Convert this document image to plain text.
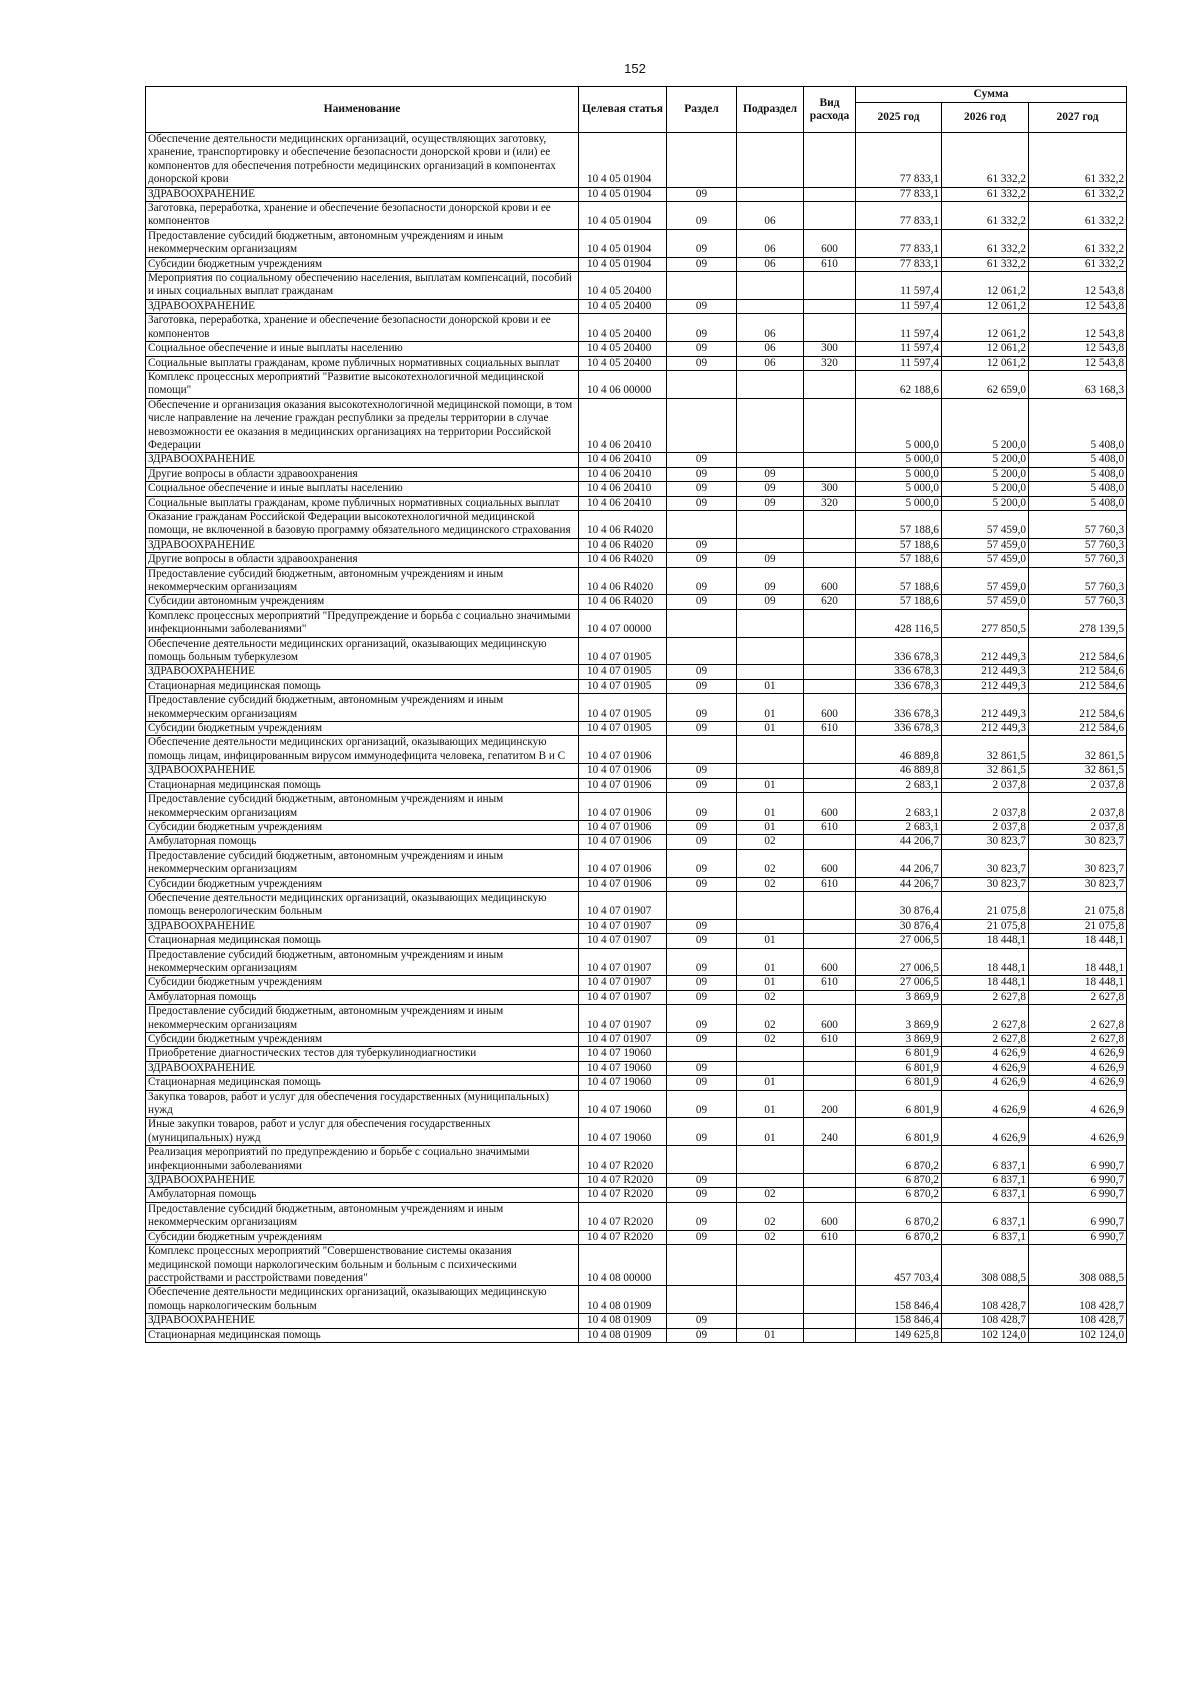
152
Наименование	Целевая статья	Раздел	Подраздел	Вид расхода	Сумма		
					2025 год	2026 год	2027 год
Обеспечение деятельности медицинских организаций, осуществляющих заготовку, хранение, транспортировку и обеспечение безопасности донорской крови и (или) ее компонентов для обеспечения потребности медицинских организаций в компонентах донорской крови	10 4 05 01904				77 833,1	61 332,2	61 332,2
ЗДРАВООХРАНЕНИЕ	10 4 05 01904	09			77 833,1	61 332,2	61 332,2
Заготовка, переработка, хранение и обеспечение безопасности донорской крови и ее компонентов	10 4 05 01904	09	06		77 833,1	61 332,2	61 332,2
Предоставление субсидий бюджетным, автономным учреждениям и иным некоммерческим организациям	10 4 05 01904	09	06	600	77 833,1	61 332,2	61 332,2
Субсидии бюджетным учреждениям	10 4 05 01904	09	06	610	77 833,1	61 332,2	61 332,2
Мероприятия по социальному обеспечению населения, выплатам компенсаций, пособий и иных социальных выплат гражданам	10 4 05 20400				11 597,4	12 061,2	12 543,8
ЗДРАВООХРАНЕНИЕ	10 4 05 20400	09			11 597,4	12 061,2	12 543,8
Заготовка, переработка, хранение и обеспечение безопасности донорской крови и ее компонентов	10 4 05 20400	09	06		11 597,4	12 061,2	12 543,8
Социальное обеспечение и иные выплаты населению	10 4 05 20400	09	06	300	11 597,4	12 061,2	12 543,8
Социальные выплаты гражданам, кроме публичных нормативных социальных выплат	10 4 05 20400	09	06	320	11 597,4	12 061,2	12 543,8
Комплекс процессных мероприятий "Развитие высокотехнологичной медицинской помощи"	10 4 06 00000				62 188,6	62 659,0	63 168,3
Обеспечение и организация оказания высокотехнологичной медицинской помощи, в том числе направление на лечение граждан республики за пределы территории в случае невозможности ее оказания в медицинских организациях на территории Российской Федерации	10 4 06 20410				5 000,0	5 200,0	5 408,0
ЗДРАВООХРАНЕНИЕ	10 4 06 20410	09			5 000,0	5 200,0	5 408,0
Другие вопросы в области здравоохранения	10 4 06 20410	09	09		5 000,0	5 200,0	5 408,0
Социальное обеспечение и иные выплаты населению	10 4 06 20410	09	09	300	5 000,0	5 200,0	5 408,0
Социальные выплаты гражданам, кроме публичных нормативных социальных выплат	10 4 06 20410	09	09	320	5 000,0	5 200,0	5 408,0
Оказание гражданам Российской Федерации высокотехнологичной медицинской помощи, не включенной в базовую программу обязательного медицинского страхования	10 4 06 R4020				57 188,6	57 459,0	57 760,3
ЗДРАВООХРАНЕНИЕ	10 4 06 R4020	09			57 188,6	57 459,0	57 760,3
Другие вопросы в области здравоохранения	10 4 06 R4020	09	09		57 188,6	57 459,0	57 760,3
Предоставление субсидий бюджетным, автономным учреждениям и иным некоммерческим организациям	10 4 06 R4020	09	09	600	57 188,6	57 459,0	57 760,3
Субсидии автономным учреждениям	10 4 06 R4020	09	09	620	57 188,6	57 459,0	57 760,3
Комплекс процессных мероприятий "Предупреждение и борьба с социально значимыми инфекционными заболеваниями"	10 4 07 00000				428 116,5	277 850,5	278 139,5
Обеспечение деятельности медицинских организаций, оказывающих медицинскую помощь больным туберкулезом	10 4 07 01905				336 678,3	212 449,3	212 584,6
ЗДРАВООХРАНЕНИЕ	10 4 07 01905	09			336 678,3	212 449,3	212 584,6
Стационарная медицинская помощь	10 4 07 01905	09	01		336 678,3	212 449,3	212 584,6
Предоставление субсидий бюджетным, автономным учреждениям и иным некоммерческим организациям	10 4 07 01905	09	01	600	336 678,3	212 449,3	212 584,6
Субсидии бюджетным учреждениям	10 4 07 01905	09	01	610	336 678,3	212 449,3	212 584,6
Обеспечение деятельности медицинских организаций, оказывающих медицинскую помощь лицам, инфицированным вирусом иммунодефицита человека, гепатитом В и С	10 4 07 01906				46 889,8	32 861,5	32 861,5
ЗДРАВООХРАНЕНИЕ	10 4 07 01906	09			46 889,8	32 861,5	32 861,5
Стационарная медицинская помощь	10 4 07 01906	09	01		2 683,1	2 037,8	2 037,8
Предоставление субсидий бюджетным, автономным учреждениям и иным некоммерческим организациям	10 4 07 01906	09	01	600	2 683,1	2 037,8	2 037,8
Субсидии бюджетным учреждениям	10 4 07 01906	09	01	610	2 683,1	2 037,8	2 037,8
Амбулаторная помощь	10 4 07 01906	09	02		44 206,7	30 823,7	30 823,7
Предоставление субсидий бюджетным, автономным учреждениям и иным некоммерческим организациям	10 4 07 01906	09	02	600	44 206,7	30 823,7	30 823,7
Субсидии бюджетным учреждениям	10 4 07 01906	09	02	610	44 206,7	30 823,7	30 823,7
Обеспечение деятельности медицинских организаций, оказывающих медицинскую помощь венерологическим больным	10 4 07 01907				30 876,4	21 075,8	21 075,8
ЗДРАВООХРАНЕНИЕ	10 4 07 01907	09			30 876,4	21 075,8	21 075,8
Стационарная медицинская помощь	10 4 07 01907	09	01		27 006,5	18 448,1	18 448,1
Предоставление субсидий бюджетным, автономным учреждениям и иным некоммерческим организациям	10 4 07 01907	09	01	600	27 006,5	18 448,1	18 448,1
Субсидии бюджетным учреждениям	10 4 07 01907	09	01	610	27 006,5	18 448,1	18 448,1
Амбулаторная помощь	10 4 07 01907	09	02		3 869,9	2 627,8	2 627,8
Предоставление субсидий бюджетным, автономным учреждениям и иным некоммерческим организациям	10 4 07 01907	09	02	600	3 869,9	2 627,8	2 627,8
Субсидии бюджетным учреждениям	10 4 07 01907	09	02	610	3 869,9	2 627,8	2 627,8
Приобретение диагностических тестов для туберкулинодиагностики	10 4 07 19060				6 801,9	4 626,9	4 626,9
ЗДРАВООХРАНЕНИЕ	10 4 07 19060	09			6 801,9	4 626,9	4 626,9
Стационарная медицинская помощь	10 4 07 19060	09	01		6 801,9	4 626,9	4 626,9
Закупка товаров, работ и услуг для обеспечения государственных (муниципальных) нужд	10 4 07 19060	09	01	200	6 801,9	4 626,9	4 626,9
Иные закупки товаров, работ и услуг для обеспечения государственных (муниципальных) нужд	10 4 07 19060	09	01	240	6 801,9	4 626,9	4 626,9
Реализация мероприятий по предупреждению и борьбе с социально значимыми инфекционными заболеваниями	10 4 07 R2020				6 870,2	6 837,1	6 990,7
ЗДРАВООХРАНЕНИЕ	10 4 07 R2020	09			6 870,2	6 837,1	6 990,7
Амбулаторная помощь	10 4 07 R2020	09	02		6 870,2	6 837,1	6 990,7
Предоставление субсидий бюджетным, автономным учреждениям и иным некоммерческим организациям	10 4 07 R2020	09	02	600	6 870,2	6 837,1	6 990,7
Субсидии бюджетным учреждениям	10 4 07 R2020	09	02	610	6 870,2	6 837,1	6 990,7
Комплекс процессных мероприятий "Совершенствование системы оказания медицинской помощи наркологическим больным и больным с психическими расстройствами и расстройствами поведения"	10 4 08 00000				457 703,4	308 088,5	308 088,5
Обеспечение деятельности медицинских организаций, оказывающих медицинскую помощь наркологическим больным	10 4 08 01909				158 846,4	108 428,7	108 428,7
ЗДРАВООХРАНЕНИЕ	10 4 08 01909	09			158 846,4	108 428,7	108 428,7
Стационарная медицинская помощь	10 4 08 01909	09	01		149 625,8	102 124,0	102 124,0
